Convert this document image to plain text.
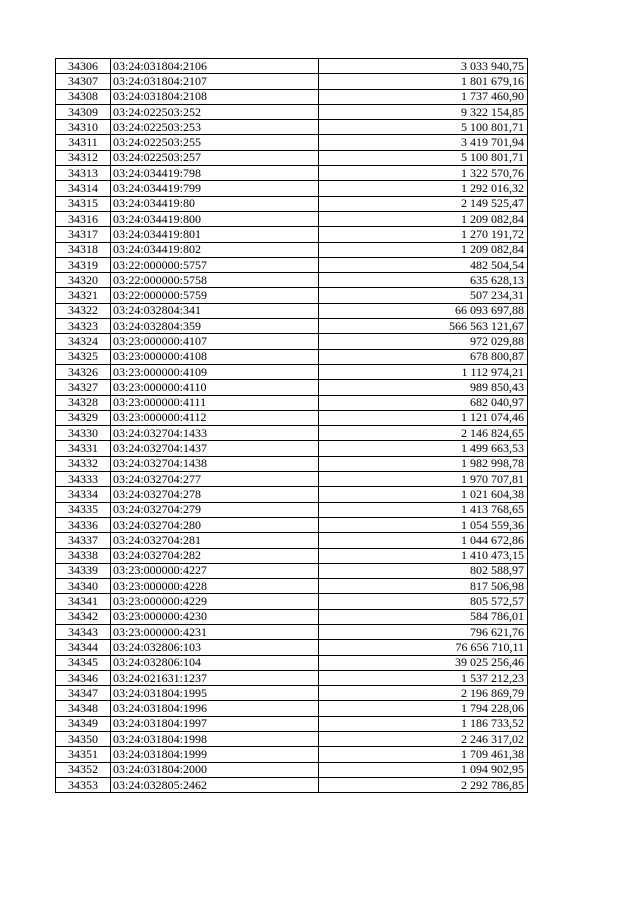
34306	03:24:031804:2106	3 033 940,75
34307	03:24:031804:2107	1 801 679,16
34308	03:24:031804:2108	1 737 460,90
34309	03:24:022503:252	9 322 154,85
34310	03:24:022503:253	5 100 801,71
34311	03:24:022503:255	3 419 701,94
34312	03:24:022503:257	5 100 801,71
34313	03:24:034419:798	1 322 570,76
34314	03:24:034419:799	1 292 016,32
34315	03:24:034419:80	2 149 525,47
34316	03:24:034419:800	1 209 082,84
34317	03:24:034419:801	1 270 191,72
34318	03:24:034419:802	1 209 082,84
34319	03:22:000000:5757	482 504,54
34320	03:22:000000:5758	635 628,13
34321	03:22:000000:5759	507 234,31
34322	03:24:032804:341	66 093 697,88
34323	03:24:032804:359	566 563 121,67
34324	03:23:000000:4107	972 029,88
34325	03:23:000000:4108	678 800,87
34326	03:23:000000:4109	1 112 974,21
34327	03:23:000000:4110	989 850,43
34328	03:23:000000:4111	682 040,97
34329	03:23:000000:4112	1 121 074,46
34330	03:24:032704:1433	2 146 824,65
34331	03:24:032704:1437	1 499 663,53
34332	03:24:032704:1438	1 982 998,78
34333	03:24:032704:277	1 970 707,81
34334	03:24:032704:278	1 021 604,38
34335	03:24:032704:279	1 413 768,65
34336	03:24:032704:280	1 054 559,36
34337	03:24:032704:281	1 044 672,86
34338	03:24:032704:282	1 410 473,15
34339	03:23:000000:4227	802 588,97
34340	03:23:000000:4228	817 506,98
34341	03:23:000000:4229	805 572,57
34342	03:23:000000:4230	584 786,01
34343	03:23:000000:4231	796 621,76
34344	03:24:032806:103	76 656 710,11
34345	03:24:032806:104	39 025 256,46
34346	03:24:021631:1237	1 537 212,23
34347	03:24:031804:1995	2 196 869,79
34348	03:24:031804:1996	1 794 228,06
34349	03:24:031804:1997	1 186 733,52
34350	03:24:031804:1998	2 246 317,02
34351	03:24:031804:1999	1 709 461,38
34352	03:24:031804:2000	1 094 902,95
34353	03:24:032805:2462	2 292 786,85
